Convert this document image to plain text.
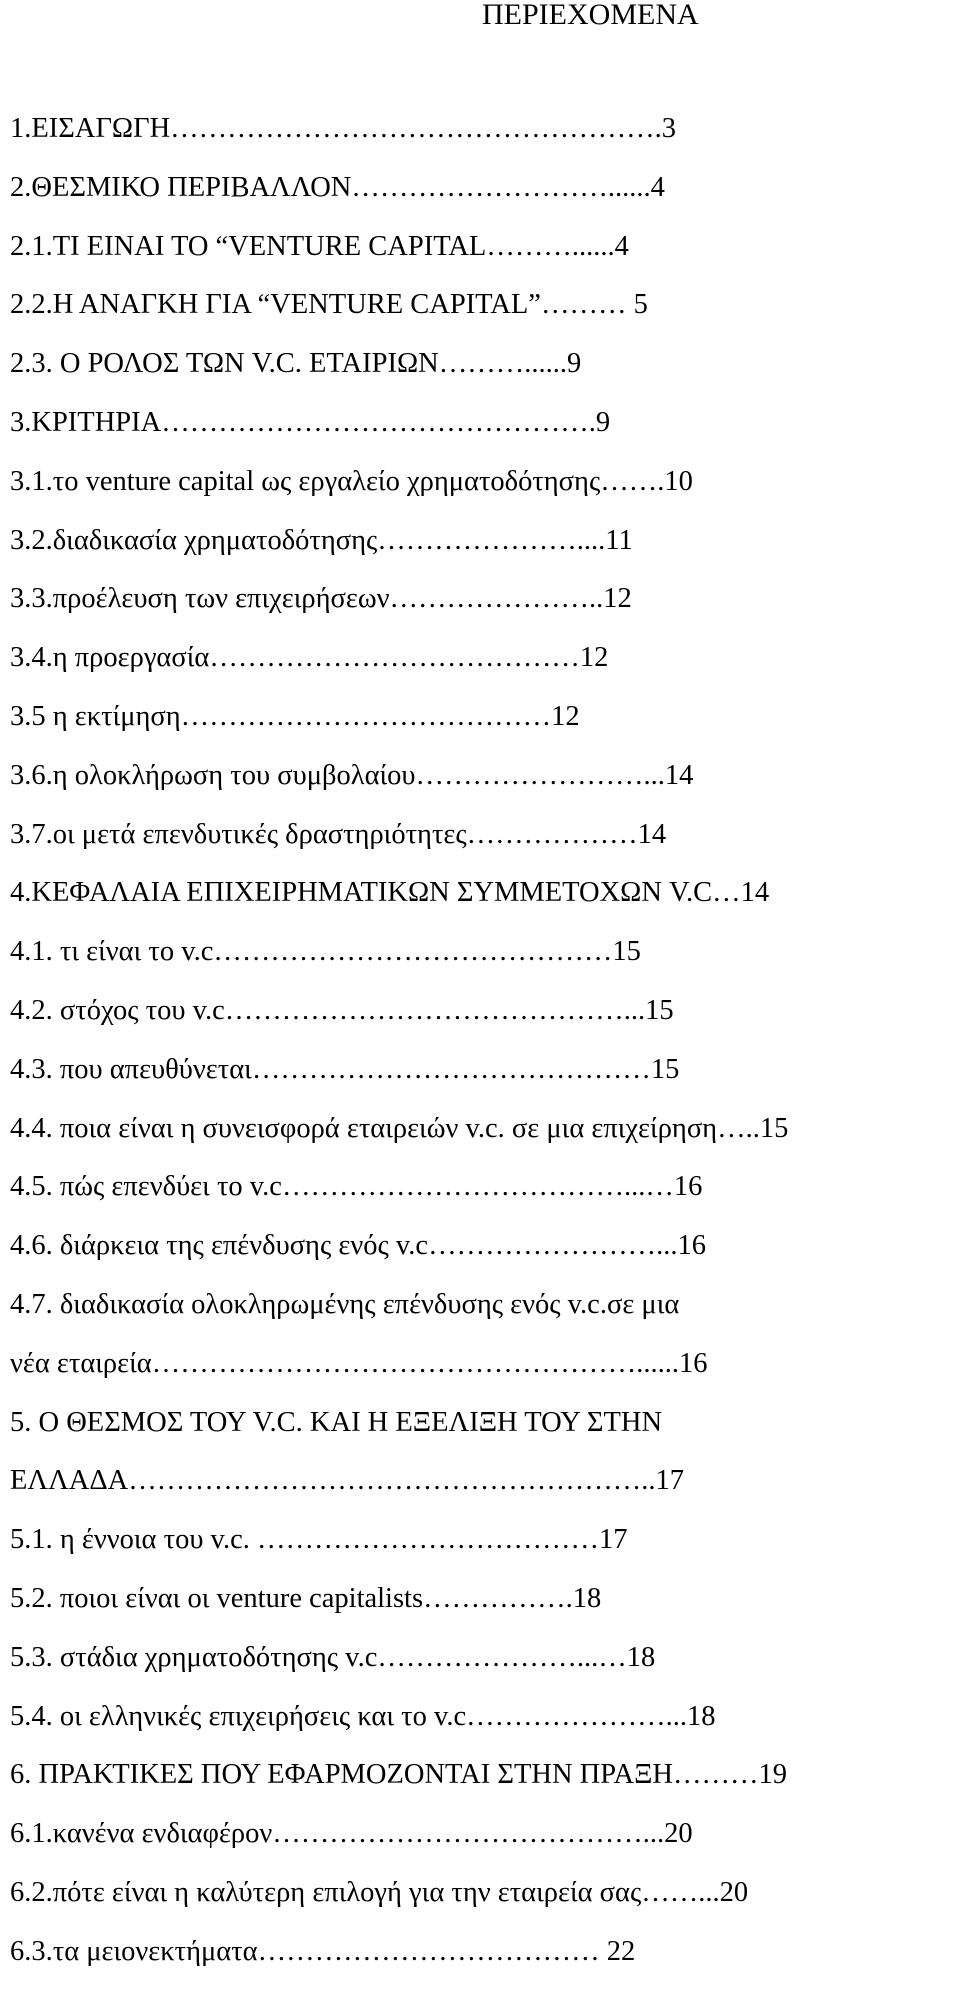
ΠΕΡΙΕΧΟΜΕΝΑ
1.ΕΙΣΑΓΩΓΗ…………………………………………….3
2.ΘΕΣΜΙΚΟ ΠΕΡΙΒΑΛΛΟΝ………………………......4
2.1.ΤΙ ΕΙΝΑΙ ΤΟ “VENTURE CAPITAL………......4
2.2.Η ΑΝΑΓΚΗ ΓΙΑ “VENTURE CAPITAL”……… 5
2.3. Ο ΡΟΛΟΣ ΤΩΝ V.C. ΕΤΑΙΡΙΩΝ………......9
3.ΚΡΙΤΗΡΙΑ……………………………………….9
3.1.το venture capital ως εργαλείο χρηματοδότησης…….10
3.2.διαδικασία χρηματοδότησης…………………....11
3.3.προέλευση των επιχειρήσεων…………………..12
3.4.η προεργασία…………………………………12
3.5 η εκτίμηση…………………………………12
3.6.η ολοκλήρωση του συμβολαίου……………………...14
3.7.οι μετά επενδυτικές δραστηριότητες………………14
4.ΚΕΦΑΛΑΙΑ ΕΠΙΧΕΙΡΗΜΑΤΙΚΩΝ ΣΥΜΜΕΤΟΧΩΝ V.C…14
4.1. τι είναι το v.c……………………………………15
4.2. στόχος του v.c……………………………………...15
4.3. που απευθύνεται……………………………………15
4.4. ποια είναι η συνεισφορά εταιρειών v.c. σε μια επιχείρηση…..15
4.5. πώς επενδύει το v.c………………………………...…16
4.6. διάρκεια της επένδυσης ενός v.c……………………...16
4.7. διαδικασία ολοκληρωμένης επένδυσης ενός v.c.σε μια
νέα εταιρεία……………………………………………......16
5. Ο ΘΕΣΜΟΣ ΤΟΥ V.C. ΚΑΙ Η ΕΞΕΛΙΞΗ ΤΟΥ ΣΤΗΝ
ΕΛΛΑΔΑ………………………………………………..17
5.1. η έννοια του v.c. ………………………………17
5.2. ποιοι είναι οι venture capitalists…………….18
5.3. στάδια χρηματοδότησης v.c…………………...…18
5.4. οι ελληνικές επιχειρήσεις και το v.c…………………...18
6. ΠΡΑΚΤΙΚΕΣ ΠΟΥ ΕΦΑΡΜΟΖΟΝΤΑΙ ΣΤΗΝ ΠΡΑΞΗ………19
6.1.κανένα ενδιαφέρον…………………………………...20
6.2.πότε είναι η καλύτερη επιλογή για την εταιρεία σας……...20
6.3.τα μειονεκτήματα……………………………… 22
